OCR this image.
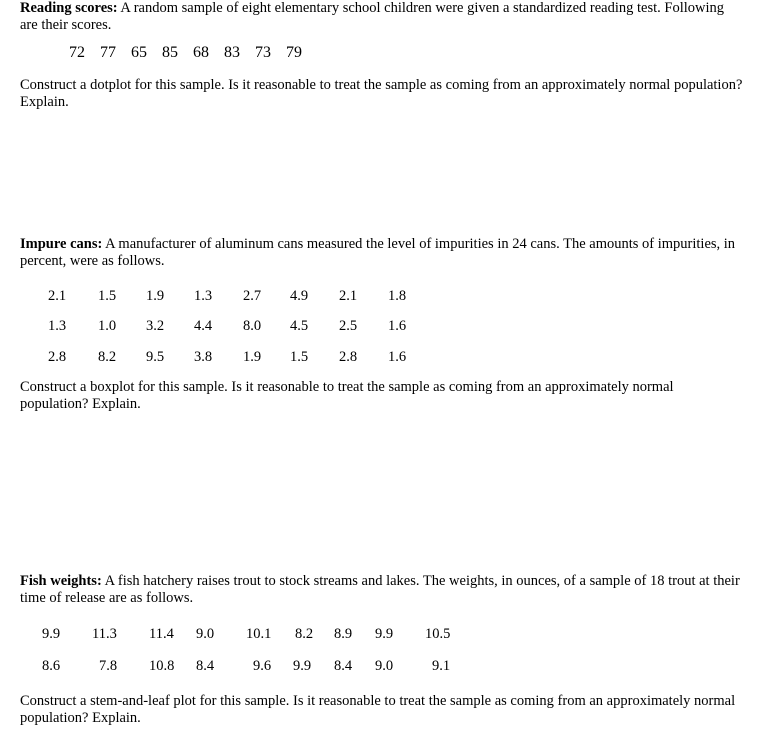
Reading scores: A random sample of eight elementary school children were given a standardized reading test. Following are their scores.

72 77 65 85 68 83 73 79

Construct a dotplot for this sample. Is it reasonable to treat the sample as coming from an approximately normal population? Explain.

Impure cans: A manufacturer of aluminum cans measured the level of impurities in 24 cans. The amounts of impurities, in percent, were as follows.

2.1 1.5 1.9 1.3 2.7 4.9 2.1 1.8
1.3 1.0 3.2 4.4 8.0 4.5 2.5 1.6
2.8 8.2 9.5 3.8 1.9 1.5 2.8 1.6

Construct a boxplot for this sample. Is it reasonable to treat the sample as coming from an approximately normal population? Explain.

Fish weights: A fish hatchery raises trout to stock streams and lakes. The weights, in ounces, of a sample of 18 trout at their time of release are as follows.

9.9 11.3 11.4 9.0 10.1 8.2 8.9 9.9 10.5
8.6	7.8 10.8 8.4	9.6 9.9 8.4 9.0	9.1

Construct a stem-and-leaf plot for this sample. Is it reasonable to treat the sample as coming from an approximately normal population? Explain.
